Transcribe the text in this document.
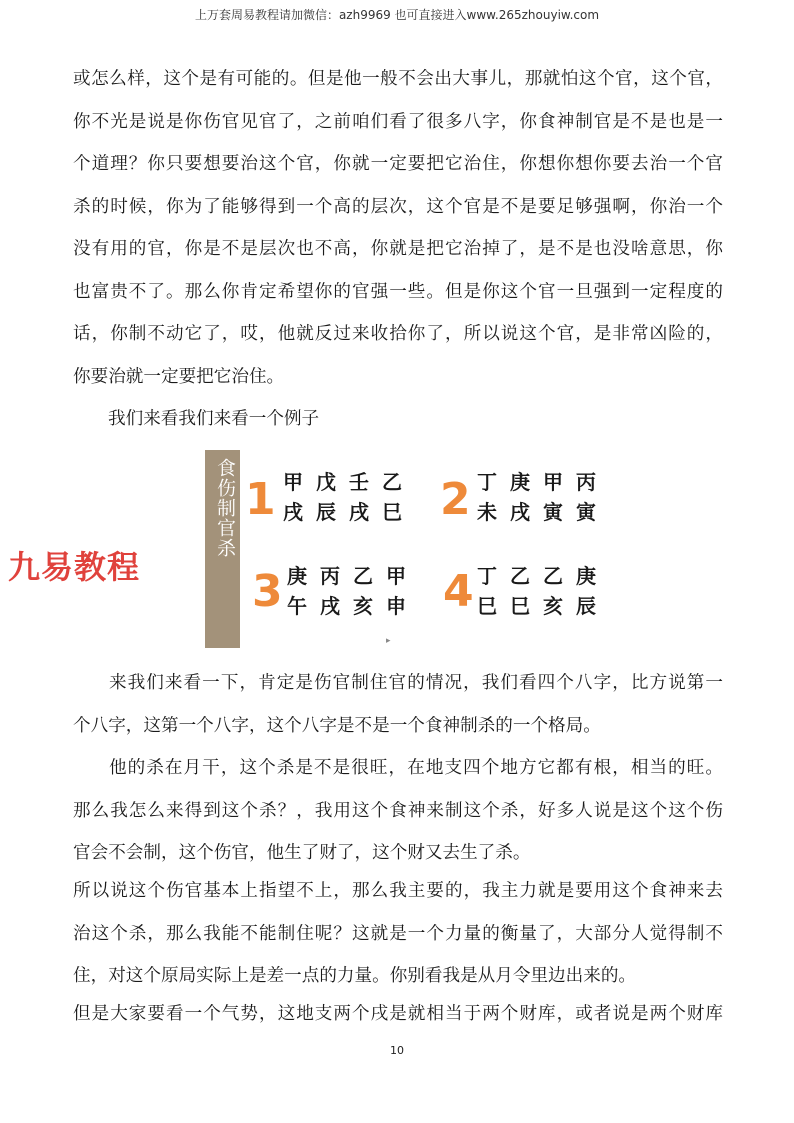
上万套周易教程请加微信：azh9969 也可直接进入www.265zhouyiw.com
或怎么样，这个是有可能的。但是他一般不会出大事儿，那就怕这个官，这个官，
你不光是说是你伤官见官了，之前咱们看了很多八字，你食神制官是不是也是一
个道理？你只要想要治这个官，你就一定要把它治住，你想你想你要去治一个官
杀的时候，你为了能够得到一个高的层次，这个官是不是要足够强啊，你治一个
没有用的官，你是不是层次也不高，你就是把它治掉了，是不是也没啥意思，你
也富贵不了。那么你肯定希望你的官强一些。但是你这个官一旦强到一定程度的
话，你制不动它了，哎，他就反过来收拾你了，所以说这个官，是非常凶险的，
你要治就一定要把它治住。
我们来看我们来看一个例子
食伤制官杀 1 甲戊壬乙
戌辰戌巳 2 丁庚甲丙
未戌寅寅
3 庚丙乙甲
午戌亥申 4 丁乙乙庚
巳巳亥辰
▸
九易教程
来我们来看一下，肯定是伤官制住官的情况，我们看四个八字，比方说第一
个八字，这第一个八字，这个八字是不是一个食神制杀的一个格局。
他的杀在月干，这个杀是不是很旺，在地支四个地方它都有根，相当的旺。
那么我怎么来得到这个杀？，我用这个食神来制这个杀，好多人说是这个这个伤
官会不会制，这个伤官，他生了财了，这个财又去生了杀。
所以说这个伤官基本上指望不上，那么我主要的，我主力就是要用这个食神来去
治这个杀，那么我能不能制住呢？这就是一个力量的衡量了，大部分人觉得制不
住，对这个原局实际上是差一点的力量。你别看我是从月令里边出来的。
但是大家要看一个气势，这地支两个戌是就相当于两个财库，或者说是两个财库
10
